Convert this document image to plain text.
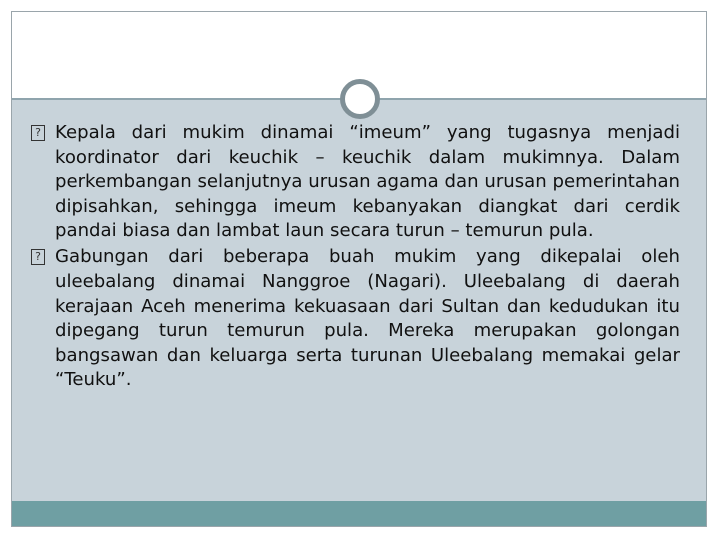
? Kepala dari mukim dinamai “imeum” yang tugasnya menjadi koordinator dari keuchik – keuchik dalam mukimnya. Dalam perkembangan selanjutnya urusan agama dan urusan pemerintahan dipisahkan, sehingga imeum kebanyakan diangkat dari cerdik pandai biasa dan lambat laun secara turun – temurun pula.
? Gabungan dari beberapa buah mukim yang dikepalai oleh uleebalang dinamai Nanggroe (Nagari). Uleebalang di daerah kerajaan Aceh menerima kekuasaan dari Sultan dan kedudukan itu dipegang turun temurun pula. Mereka merupakan golongan bangsawan dan keluarga serta turunan Uleebalang memakai gelar “Teuku”.
